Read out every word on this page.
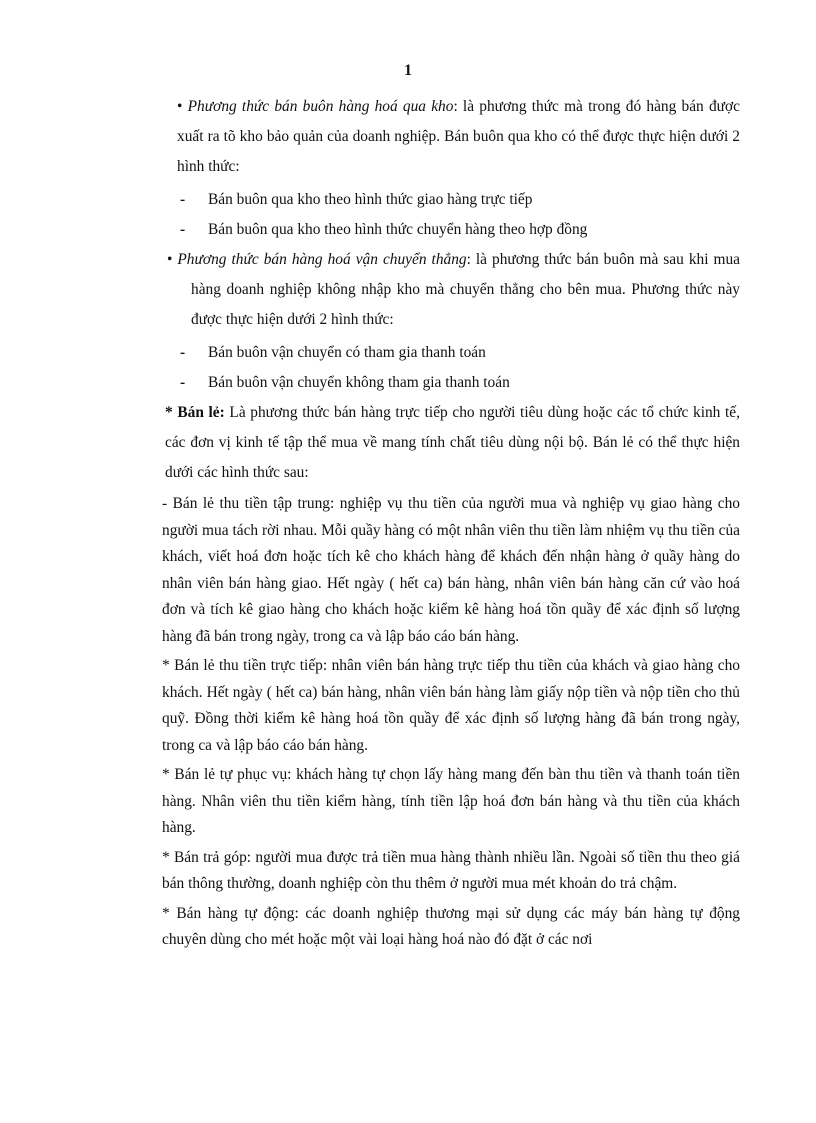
1
• Phương thức bán buôn hàng hoá qua kho: là phương thức mà trong đó hàng bán được xuất ra tõ kho bảo quản của doanh nghiệp. Bán buôn qua kho có thể được thực hiện dưới 2 hình thức:
-	Bán buôn qua kho theo hình thức giao hàng trực tiếp
-	Bán buôn qua kho theo hình thức chuyển hàng theo hợp đồng
• Phương thức bán hàng hoá vận chuyển thẳng: là phương thức bán buôn mà sau khi mua hàng doanh nghiệp không nhập kho mà chuyển thẳng cho bên mua. Phương thức này được thực hiện dưới 2 hình thức:
-	Bán buôn vận chuyển có tham gia thanh toán
-	Bán buôn vận chuyển không tham gia thanh toán
* Bán lẻ: Là phương thức bán hàng trực tiếp cho người tiêu dùng hoặc các tổ chức kinh tế, các đơn vị kinh tế tập thể mua về mang tính chất tiêu dùng nội bộ. Bán lẻ có thể thực hiện dưới các hình thức sau:
- Bán lẻ thu tiền tập trung: nghiệp vụ thu tiền của người mua và nghiệp vụ giao hàng cho người mua tách rời nhau. Mỗi quầy hàng có một nhân viên thu tiền làm nhiệm vụ thu tiền của khách, viết hoá đơn hoặc tích kê cho khách hàng để khách đến nhận hàng ở quầy hàng do nhân viên bán hàng giao. Hết ngày ( hết ca) bán hàng, nhân viên bán hàng căn cứ vào hoá đơn và tích kê giao hàng cho khách hoặc kiểm kê hàng hoá tồn quầy để xác định số lượng hàng đã bán trong ngày, trong ca và lập báo cáo bán hàng.
* Bán lẻ thu tiền trực tiếp: nhân viên bán hàng trực tiếp thu tiền của khách và giao hàng cho khách. Hết ngày ( hết ca) bán hàng, nhân viên bán hàng làm giấy nộp tiền và nộp tiền cho thủ quỹ. Đồng thời kiểm kê hàng hoá tồn quầy để xác định số lượng hàng đã bán trong ngày, trong ca và lập báo cáo bán hàng.
* Bán lẻ tự phục vụ: khách hàng tự chọn lấy hàng mang đến bàn thu tiền và thanh toán tiền hàng. Nhân viên thu tiền kiểm hàng, tính tiền lập hoá đơn bán hàng và thu tiền của khách hàng.
* Bán trả góp: người mua được trả tiền mua hàng thành nhiều lần. Ngoài số tiền thu theo giá bán thông thường, doanh nghiệp còn thu thêm ở người mua mét khoản do trả chậm.
* Bán hàng tự động: các doanh nghiệp thương mại sử dụng các máy bán hàng tự động chuyên dùng cho mét hoặc một vài loại hàng hoá nào đó đặt ở các nơi
